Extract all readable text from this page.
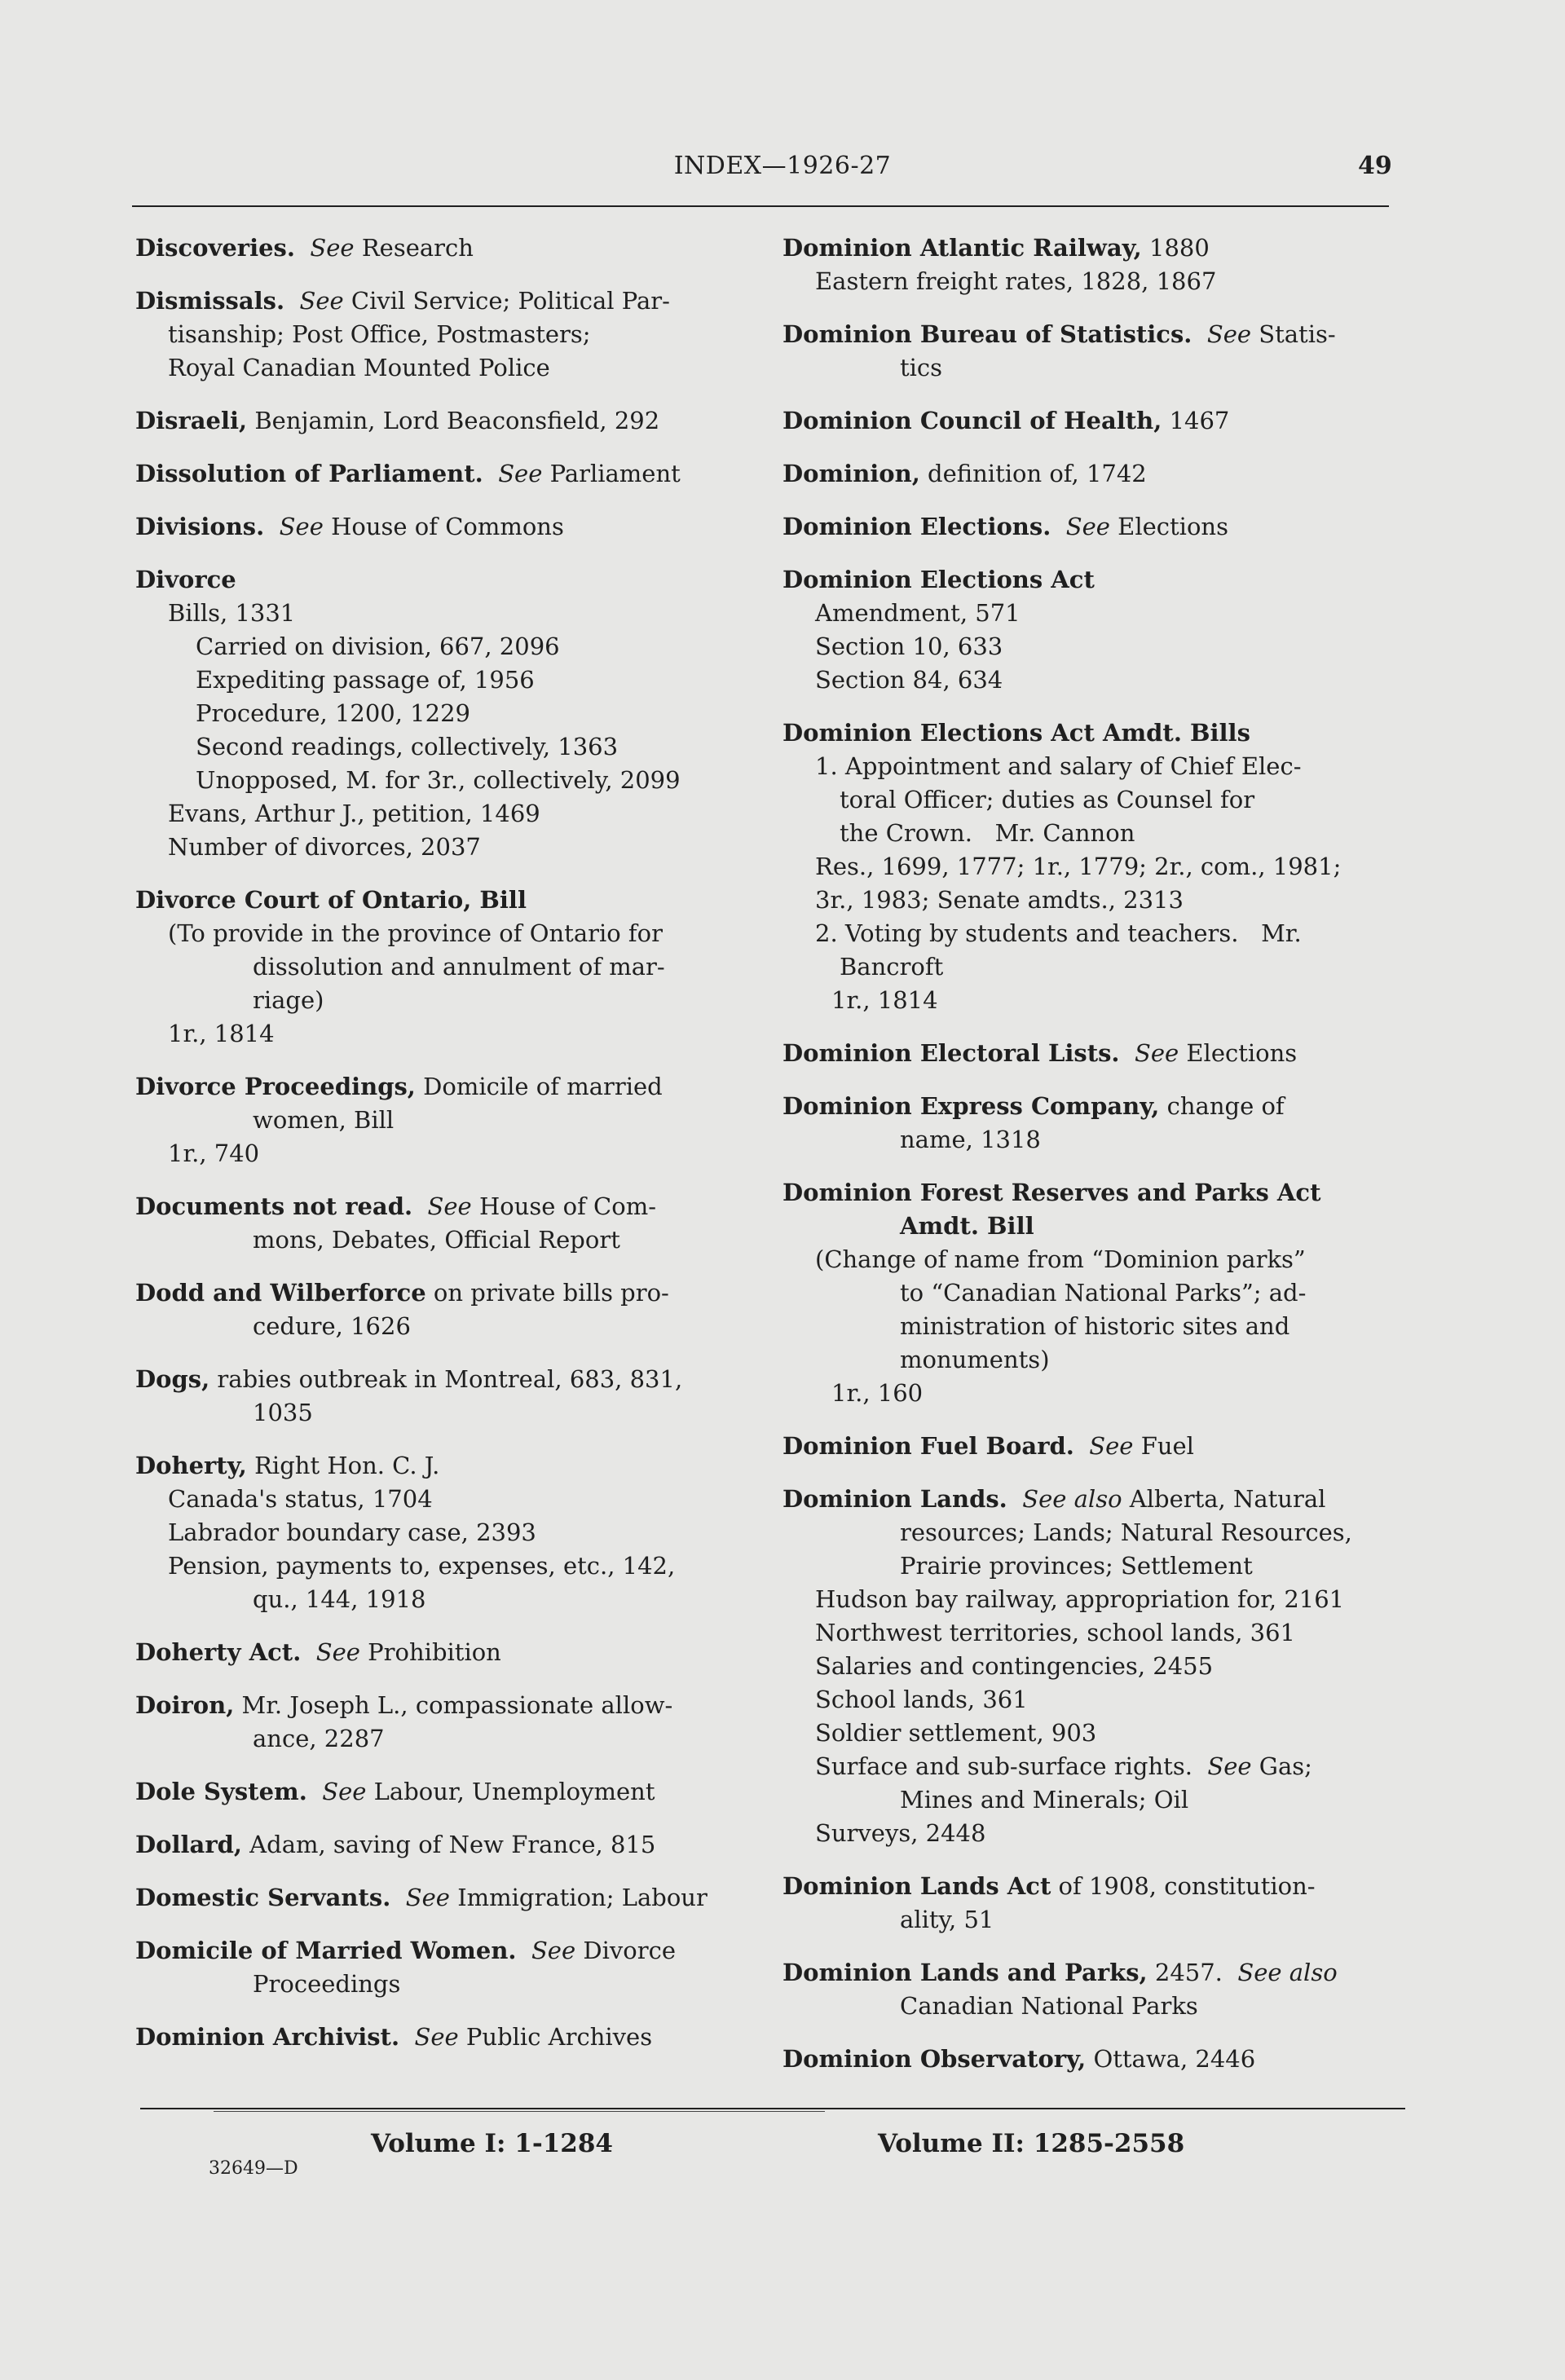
INDEX—1926-27	49
Discoveries. See Research
Dismissals. See Civil Service; Political Par-
tisanship; Post Office, Postmasters;
Royal Canadian Mounted Police
Disraeli, Benjamin, Lord Beaconsfield, 292
Dissolution of Parliament. See Parliament
Divisions. See House of Commons
Divorce
Bills, 1331
Carried on division, 667, 2096
Expediting passage of, 1956
Procedure, 1200, 1229
Second readings, collectively, 1363
Unopposed, M. for 3r., collectively, 2099
Evans, Arthur J., petition, 1469
Number of divorces, 2037
Divorce Court of Ontario, Bill
(To provide in the province of Ontario for
dissolution and annulment of mar-
riage)
1r., 1814
Divorce Proceedings, Domicile of married
women, Bill
1r., 740
Documents not read. See House of Com-
mons, Debates, Official Report
Dodd and Wilberforce on private bills pro-
cedure, 1626
Dogs, rabies outbreak in Montreal, 683, 831,
1035
Doherty, Right Hon. C. J.
Canada's status, 1704
Labrador boundary case, 2393
Pension, payments to, expenses, etc., 142,
qu., 144, 1918
Doherty Act. See Prohibition
Doiron, Mr. Joseph L., compassionate allow-
ance, 2287
Dole System. See Labour, Unemployment
Dollard, Adam, saving of New France, 815
Domestic Servants. See Immigration; Labour
Domicile of Married Women. See Divorce
Proceedings
Dominion Archivist. See Public Archives
Dominion Atlantic Railway, 1880
Eastern freight rates, 1828, 1867
Dominion Bureau of Statistics. See Statis-
tics
Dominion Council of Health, 1467
Dominion, definition of, 1742
Dominion Elections. See Elections
Dominion Elections Act
Amendment, 571
Section 10, 633
Section 84, 634
Dominion Elections Act Amdt. Bills
1. Appointment and salary of Chief Elec-
toral Officer; duties as Counsel for
the Crown.   Mr. Cannon
Res., 1699, 1777; 1r., 1779; 2r., com., 1981;
3r., 1983; Senate amdts., 2313
2. Voting by students and teachers.   Mr.
Bancroft
1r., 1814
Dominion Electoral Lists. See Elections
Dominion Express Company, change of
name, 1318
Dominion Forest Reserves and Parks Act
Amdt. Bill
(Change of name from “Dominion parks”
to “Canadian National Parks”; ad-
ministration of historic sites and
monuments)
1r., 160
Dominion Fuel Board. See Fuel
Dominion Lands. See also Alberta, Natural
resources; Lands; Natural Resources,
Prairie provinces; Settlement
Hudson bay railway, appropriation for, 2161
Northwest territories, school lands, 361
Salaries and contingencies, 2455
School lands, 361
Soldier settlement, 903
Surface and sub-surface rights.  See Gas;
Mines and Minerals; Oil
Surveys, 2448
Dominion Lands Act of 1908, constitution-
ality, 51
Dominion Lands and Parks, 2457.  See also
Canadian National Parks
Dominion Observatory, Ottawa, 2446
Volume I: 1-1284	Volume II: 1285-2558
32649—D
